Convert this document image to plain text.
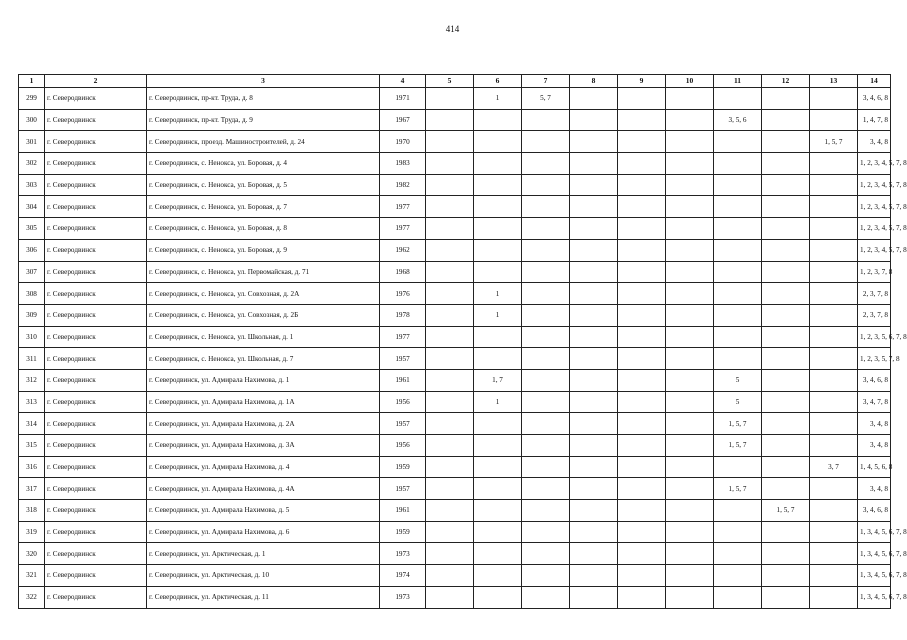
414
1	2	3	4	5	6	7	8	9	10	11	12	13	14
299	г. Северодвинск	г. Северодвинск, пр-кт. Труда, д. 8	1971		1	5, 7							3, 4, 6, 8
300	г. Северодвинск	г. Северодвинск, пр-кт. Труда, д. 9	1967							3, 5, 6			1, 4, 7, 8
301	г. Северодвинск	г. Северодвинск, проезд. Машиностроителей, д. 24	1970									1, 5, 7	3, 4, 8
302	г. Северодвинск	г. Северодвинск, с. Ненокса, ул. Боровая, д. 4	1983										1, 2, 3, 4, 5, 7, 8
303	г. Северодвинск	г. Северодвинск, с. Ненокса, ул. Боровая, д. 5	1982										1, 2, 3, 4, 5, 7, 8
304	г. Северодвинск	г. Северодвинск, с. Ненокса, ул. Боровая, д. 7	1977										1, 2, 3, 4, 5, 7, 8
305	г. Северодвинск	г. Северодвинск, с. Ненокса, ул. Боровая, д. 8	1977										1, 2, 3, 4, 5, 7, 8
306	г. Северодвинск	г. Северодвинск, с. Ненокса, ул. Боровая, д. 9	1962										1, 2, 3, 4, 5, 7, 8
307	г. Северодвинск	г. Северодвинск, с. Ненокса, ул. Первомайская, д. 71	1968										1, 2, 3, 7, 8
308	г. Северодвинск	г. Северодвинск, с. Ненокса, ул. Совхозная, д. 2А	1976		1								2, 3, 7, 8
309	г. Северодвинск	г. Северодвинск, с. Ненокса, ул. Совхозная, д. 2Б	1978		1								2, 3, 7, 8
310	г. Северодвинск	г. Северодвинск, с. Ненокса, ул. Школьная, д. 1	1977										1, 2, 3, 5, 6, 7, 8
311	г. Северодвинск	г. Северодвинск, с. Ненокса, ул. Школьная, д. 7	1957										1, 2, 3, 5, 7, 8
312	г. Северодвинск	г. Северодвинск, ул. Адмирала Нахимова, д. 1	1961		1, 7					5			3, 4, 6, 8
313	г. Северодвинск	г. Северодвинск, ул. Адмирала Нахимова, д. 1А	1956		1					5			3, 4, 7, 8
314	г. Северодвинск	г. Северодвинск, ул. Адмирала Нахимова, д. 2А	1957							1, 5, 7			3, 4, 8
315	г. Северодвинск	г. Северодвинск, ул. Адмирала Нахимова, д. 3А	1956							1, 5, 7			3, 4, 8
316	г. Северодвинск	г. Северодвинск, ул. Адмирала Нахимова, д. 4	1959									3, 7	1, 4, 5, 6, 8
317	г. Северодвинск	г. Северодвинск, ул. Адмирала Нахимова, д. 4А	1957							1, 5, 7			3, 4, 8
318	г. Северодвинск	г. Северодвинск, ул. Адмирала Нахимова, д. 5	1961								1, 5, 7		3, 4, 6, 8
319	г. Северодвинск	г. Северодвинск, ул. Адмирала Нахимова, д. 6	1959										1, 3, 4, 5, 6, 7, 8
320	г. Северодвинск	г. Северодвинск, ул. Арктическая, д. 1	1973										1, 3, 4, 5, 6, 7, 8
321	г. Северодвинск	г. Северодвинск, ул. Арктическая, д. 10	1974										1, 3, 4, 5, 6, 7, 8
322	г. Северодвинск	г. Северодвинск, ул. Арктическая, д. 11	1973										1, 3, 4, 5, 6, 7, 8
